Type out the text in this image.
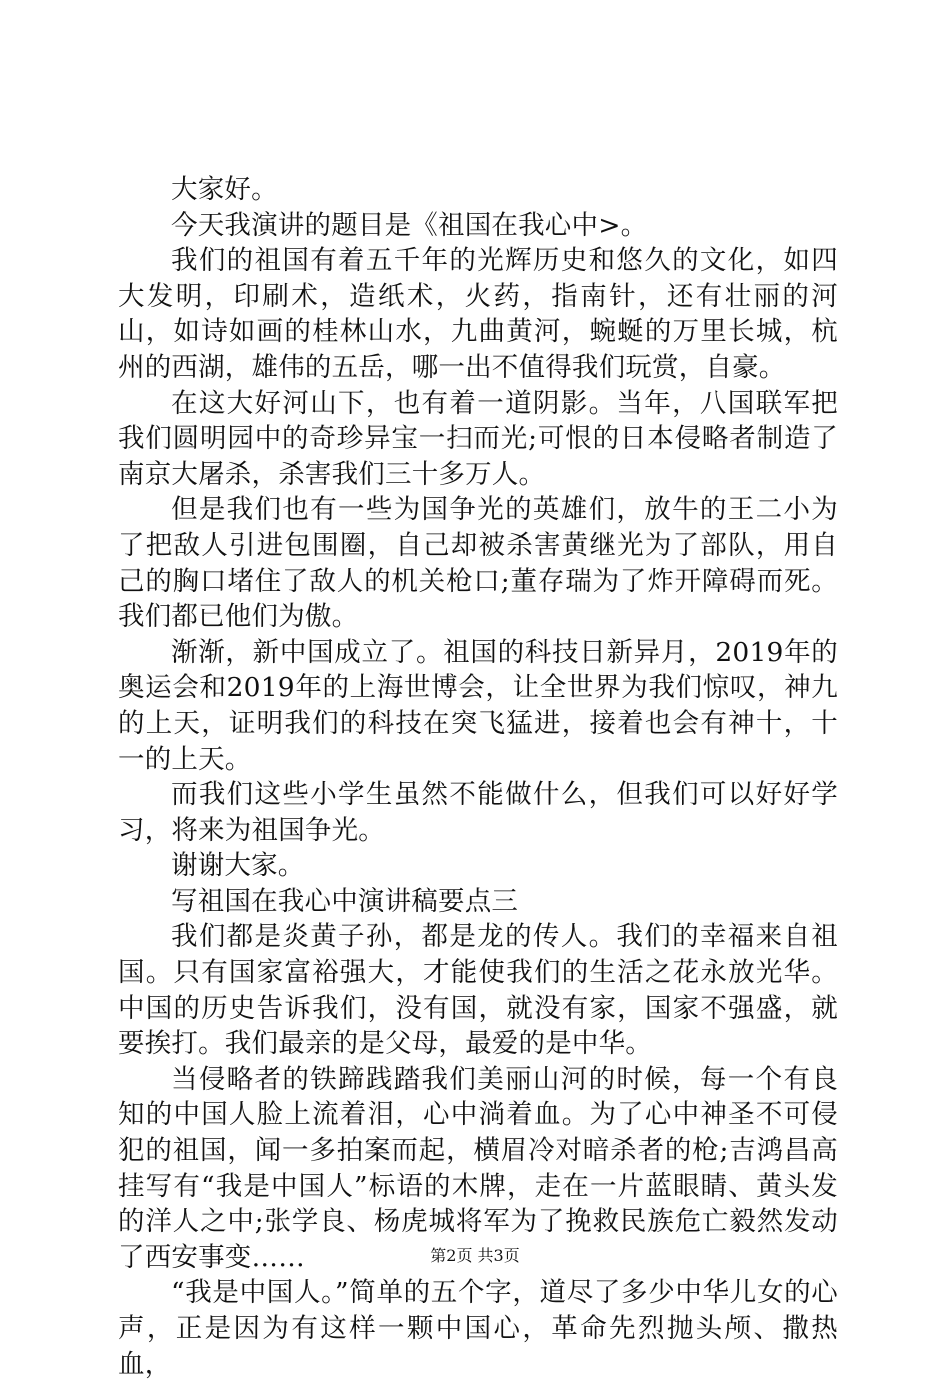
大家好。

今天我演讲的题目是《祖国在我心中>。

我们的祖国有着五千年的光辉历史和悠久的文化，如四大发明，印刷术，造纸术，火药，指南针，还有壮丽的河山，如诗如画的桂林山水，九曲黄河，蜿蜒的万里长城，杭州的西湖，雄伟的五岳，哪一出不值得我们玩赏，自豪。

在这大好河山下，也有着一道阴影。当年，八国联军把我们圆明园中的奇珍异宝一扫而光;可恨的日本侵略者制造了南京大屠杀，杀害我们三十多万人。

但是我们也有一些为国争光的英雄们，放牛的王二小为了把敌人引进包围圈，自己却被杀害黄继光为了部队，用自己的胸口堵住了敌人的机关枪口;董存瑞为了炸开障碍而死。我们都已他们为傲。

渐渐，新中国成立了。祖国的科技日新异月，2019年的奥运会和2019年的上海世博会，让全世界为我们惊叹，神九的上天，证明我们的科技在突飞猛进，接着也会有神十，十一的上天。

而我们这些小学生虽然不能做什么，但我们可以好好学习，将来为祖国争光。

谢谢大家。

写祖国在我心中演讲稿要点三

我们都是炎黄子孙，都是龙的传人。我们的幸福来自祖国。只有国家富裕强大，才能使我们的生活之花永放光华。中国的历史告诉我们，没有国，就没有家，国家不强盛，就要挨打。我们最亲的是父母，最爱的是中华。

当侵略者的铁蹄践踏我们美丽山河的时候，每一个有良知的中国人脸上流着泪，心中淌着血。为了心中神圣不可侵犯的祖国，闻一多拍案而起，横眉冷对暗杀者的枪;吉鸿昌高挂写有“我是中国人”标语的木牌，走在一片蓝眼睛、黄头发的洋人之中;张学良、杨虎城将军为了挽救民族危亡毅然发动了西安事变……

“我是中国人。”简单的五个字，道尽了多少中华儿女的心声，正是因为有这样一颗中国心，革命先烈抛头颅、撒热血，

第2页 共3页
